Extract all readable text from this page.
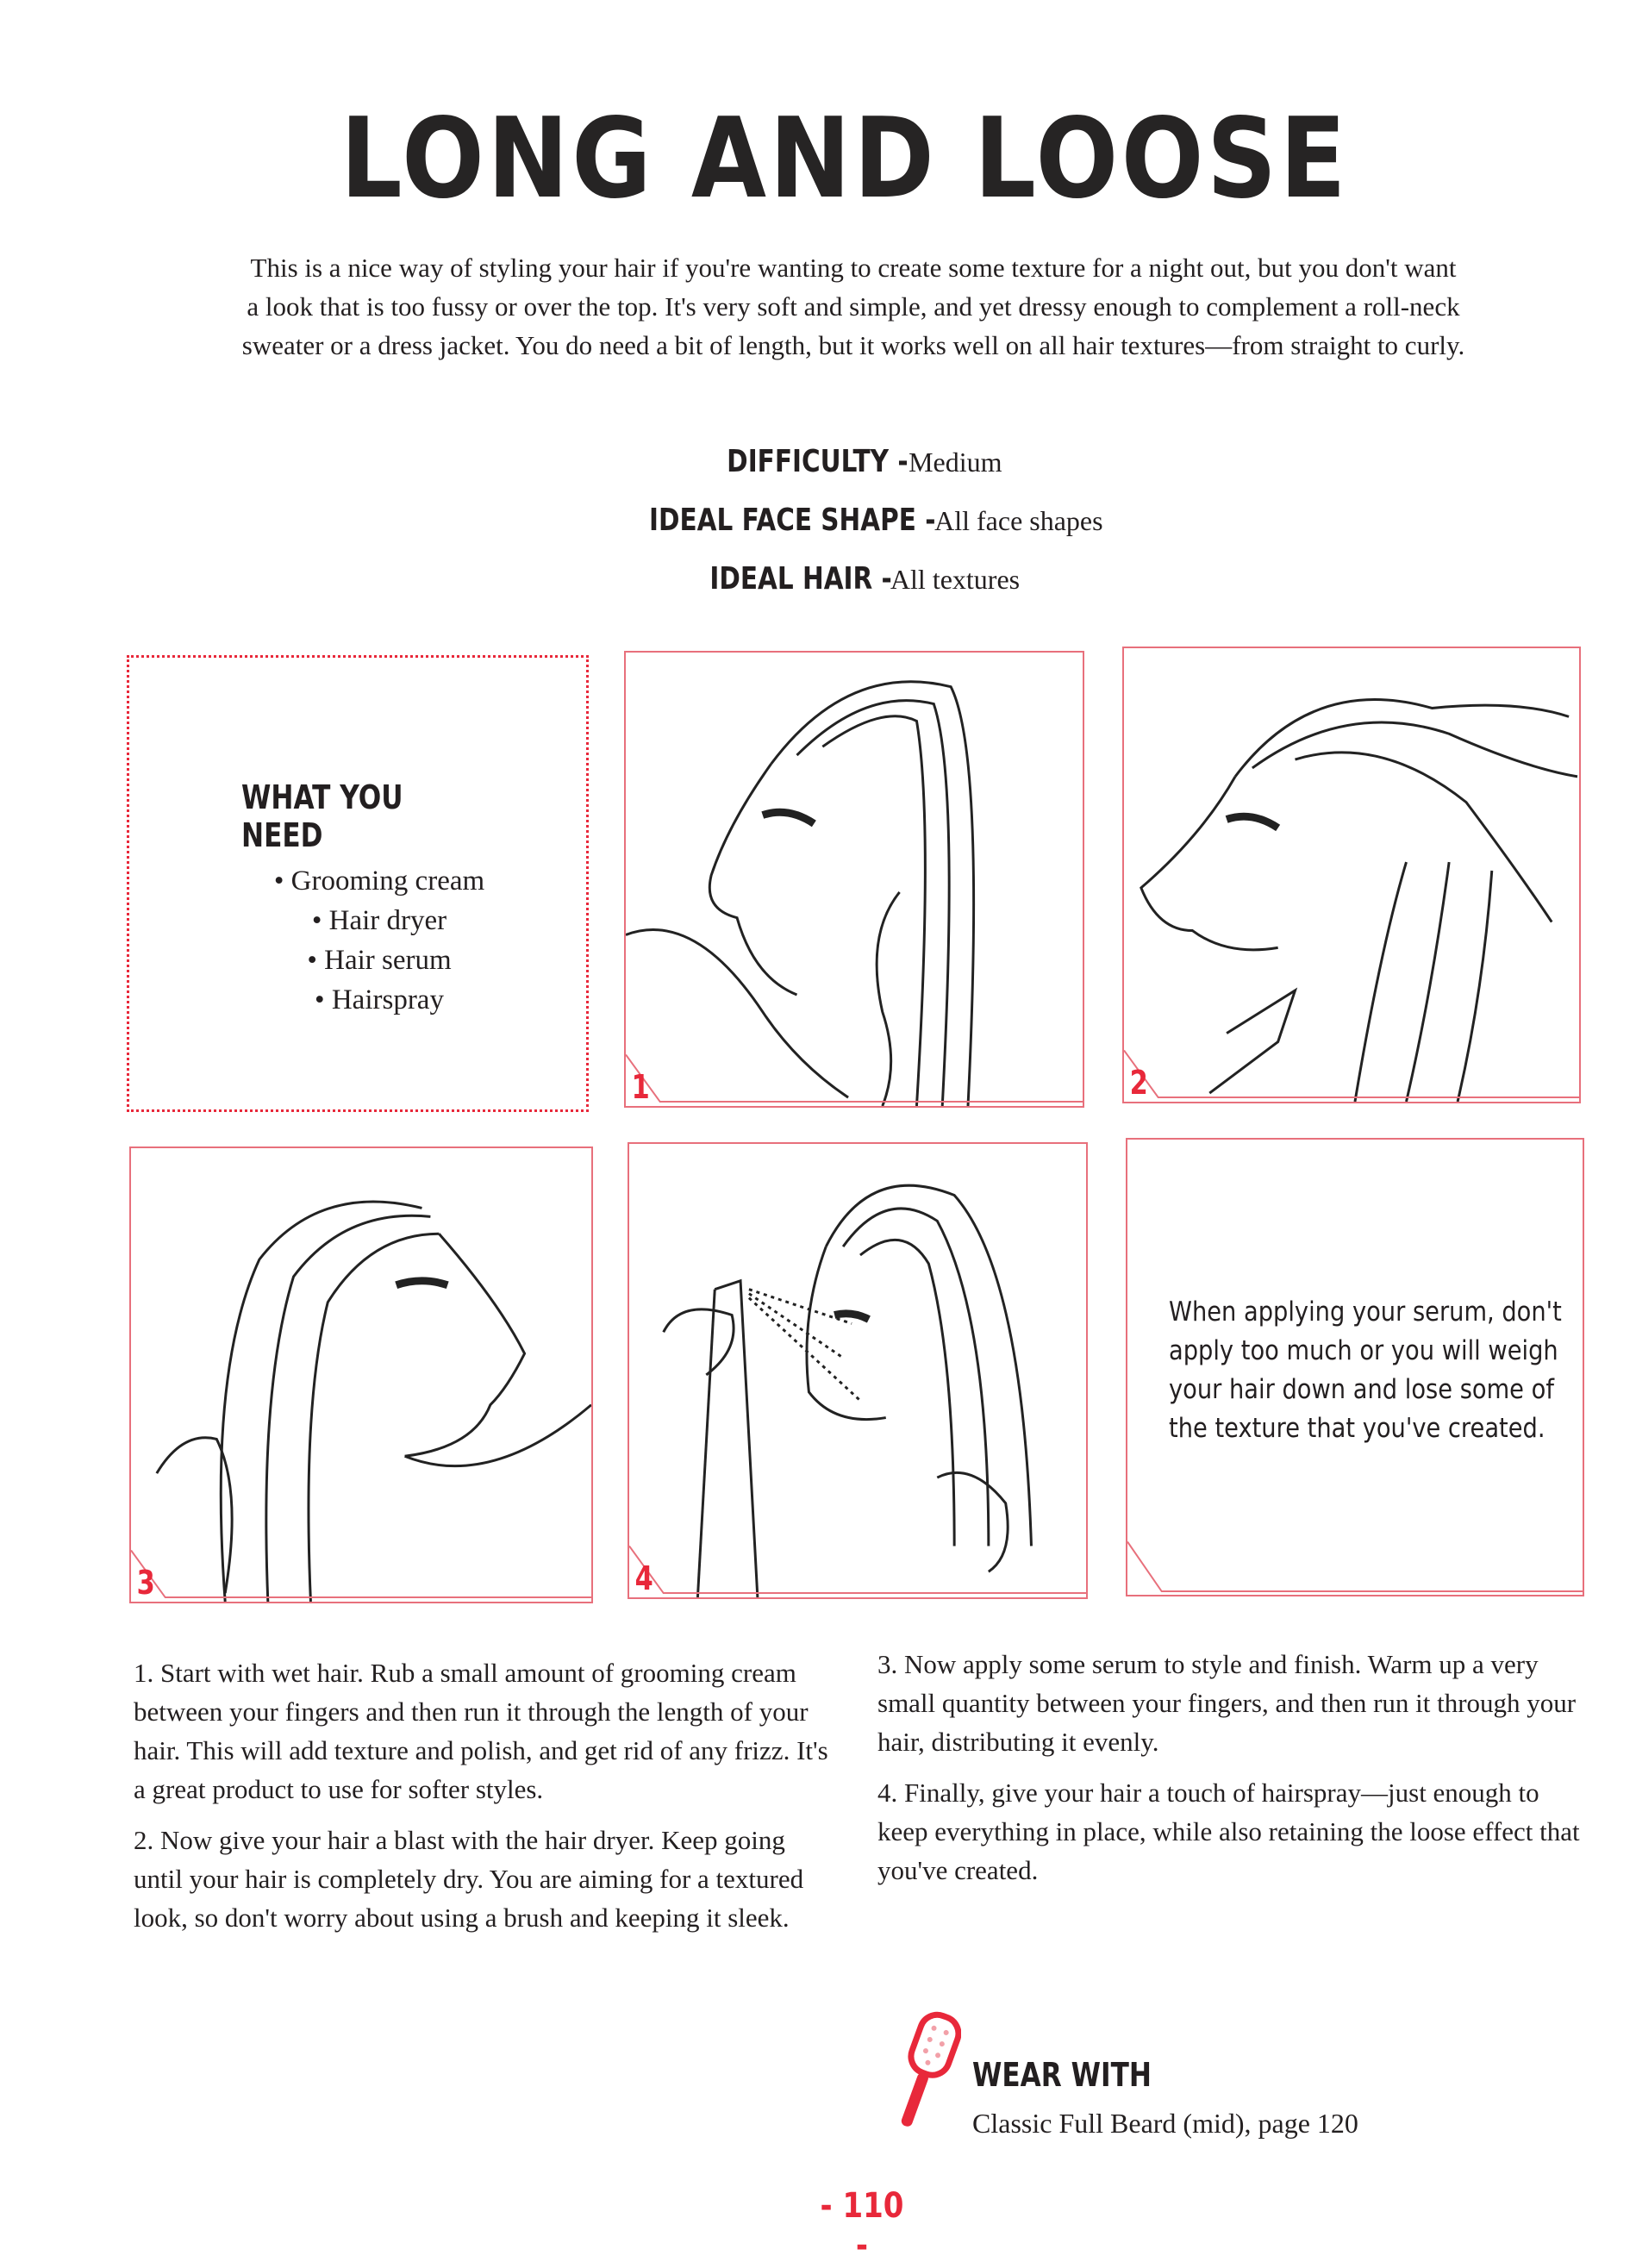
LONG AND LOOSE
This is a nice way of styling your hair if you're wanting to create some texture for a night out, but you don't want a look that is too fussy or over the top. It's very soft and simple, and yet dressy enough to complement a roll-neck sweater or a dress jacket. You do need a bit of length, but it works well on all hair textures—from straight to curly.
DIFFICULTY - Medium
IDEAL FACE SHAPE - All face shapes
IDEAL HAIR - All textures
WHAT YOU NEED
• Grooming cream
• Hair dryer
• Hair serum
• Hairspray
1	2
3	4
When applying your serum, don't apply too much or you will weigh your hair down and lose some of the texture that you've created.

1. Start with wet hair. Rub a small amount of grooming cream between your fingers and then run it through the length of your hair. This will add texture and polish, and get rid of any frizz. It's a great product to use for softer styles.

2. Now give your hair a blast with the hair dryer. Keep going until your hair is completely dry. You are aiming for a textured look, so don't worry about using a brush and keeping it sleek.

3. Now apply some serum to style and finish. Warm up a very small quantity between your fingers, and then run it through your hair, distributing it evenly.

4. Finally, give your hair a touch of hairspray—just enough to keep everything in place, while also retaining the loose effect that you've created.

WEAR WITH
Classic Full Beard (mid), page 120
- 110 -
